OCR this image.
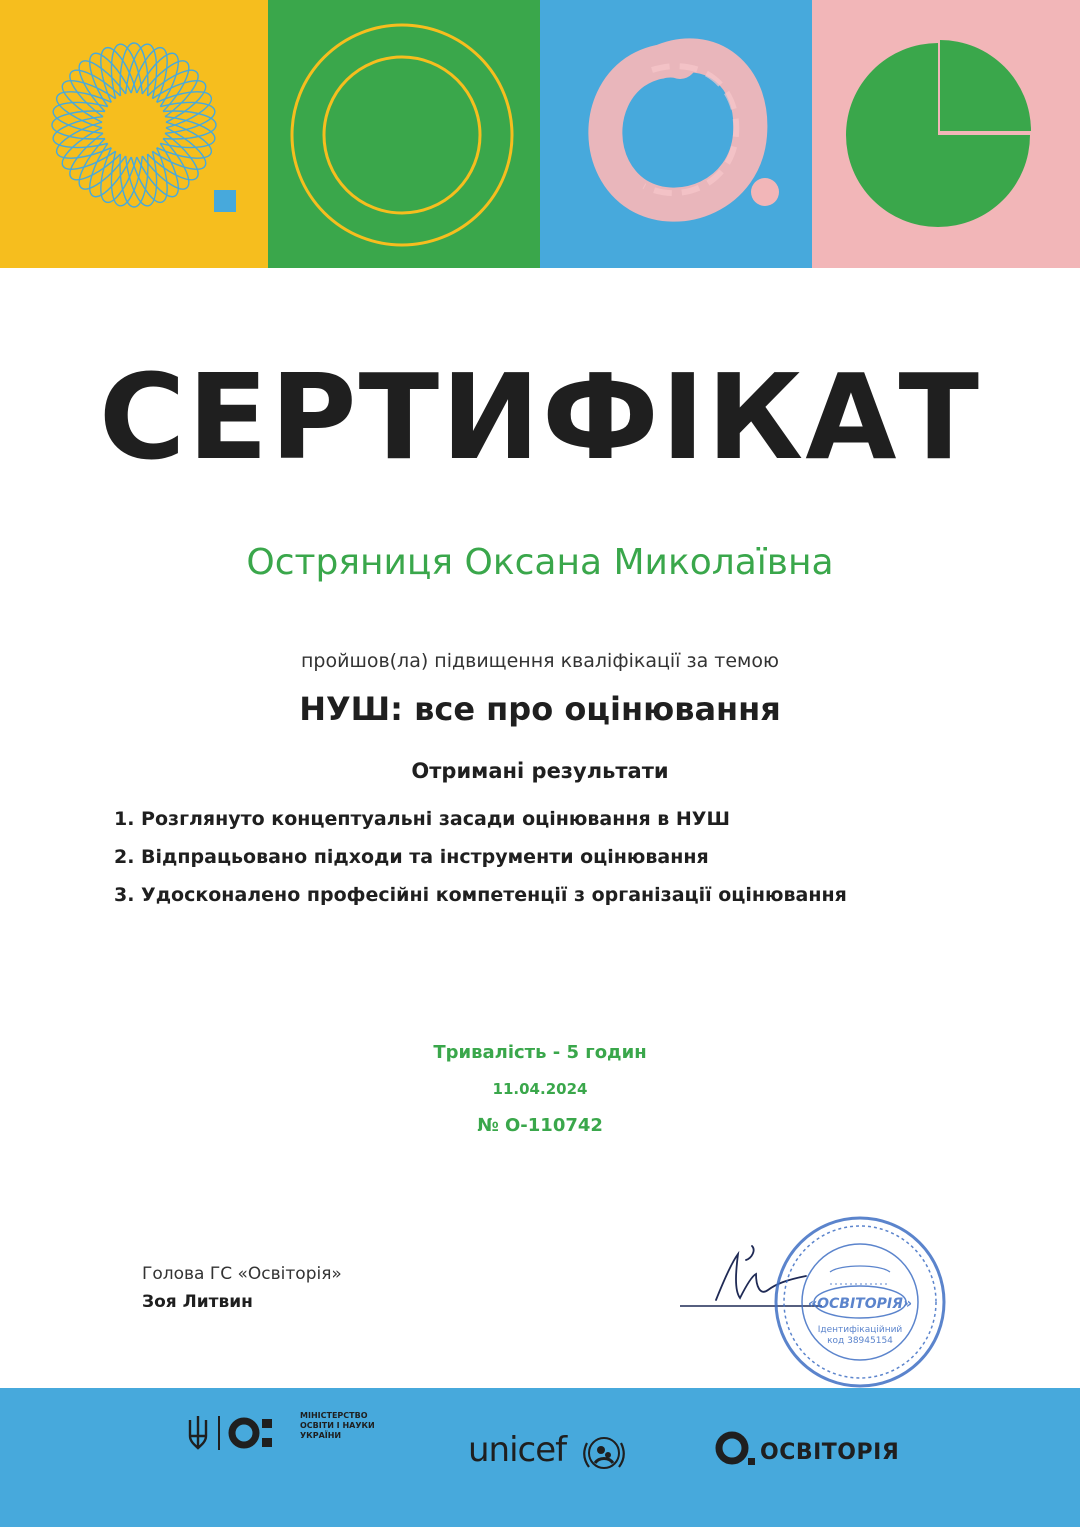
СЕРТИФІКАТ
Остряниця Оксана Миколаївна
пройшов(ла) підвищення кваліфікації за темою
НУШ: все про оцінювання
Отримані результати
1. Розглянуто концептуальні засади оцінювання в НУШ
2. Відпрацьовано підходи та інструменти оцінювання
3. Удосконалено професійні компетенції з організації оцінювання
Тривалість - 5 годин
11.04.2024
№ О-110742
Голова ГС «Освіторія»
Зоя Литвин	«ОСВІТОРІЯ»
Ідентифікаційний
код 38945154
МІНІСТЕРСТВО
ОСВІТИ І НАУКИ
УКРАЇНИ	unicef	ОСВІТОРІЯ
